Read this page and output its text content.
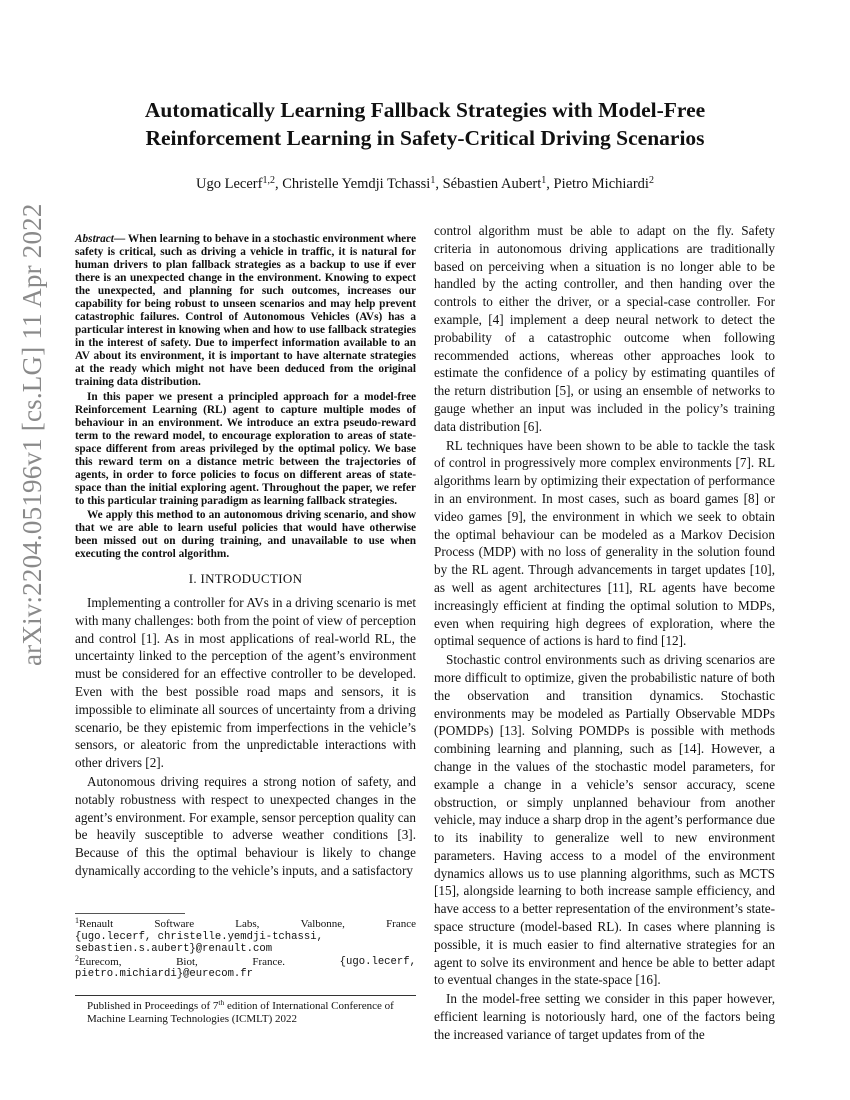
arXiv:2204.05196v1 [cs.LG] 11 Apr 2022
Automatically Learning Fallback Strategies with Model-Free
Reinforcement Learning in Safety-Critical Driving Scenarios
Ugo Lecerf$^{1,2}$, Christelle Yemdji Tchassi$^1$, Sébastien Aubert$^1$, Pietro Michiardi$^2$

Abstract— When learning to behave in a stochastic environment where safety is critical, such as driving a vehicle in traffic, it is natural for human drivers to plan fallback strategies as a backup to use if ever there is an unexpected change in the environment. Knowing to expect the unexpected, and planning for such outcomes, increases our capability for being robust to unseen scenarios and may help prevent catastrophic failures. Control of Autonomous Vehicles (AVs) has a particular interest in knowing when and how to use fallback strategies in the interest of safety. Due to imperfect information available to an AV about its environment, it is important to have alternate strategies at the ready which might not have been deduced from the original training data distribution.

In this paper we present a principled approach for a model-free Reinforcement Learning (RL) agent to capture multiple modes of behaviour in an environment. We introduce an extra pseudo-reward term to the reward model, to encourage exploration to areas of state-space different from areas privileged by the optimal policy. We base this reward term on a distance metric between the trajectories of agents, in order to force policies to focus on different areas of state-space than the initial exploring agent. Throughout the paper, we refer to this particular training paradigm as learning fallback strategies.

We apply this method to an autonomous driving scenario, and show that we are able to learn useful policies that would have otherwise been missed out on during training, and unavailable to use when executing the control algorithm.

I. INTRODUCTION

Implementing a controller for AVs in a driving scenario is met with many challenges: both from the point of view of perception and control [1]. As in most applications of real-world RL, the uncertainty linked to the perception of the agent’s environment must be considered for an effective controller to be developed. Even with the best possible road maps and sensors, it is impossible to eliminate all sources of uncertainty from a driving scenario, be they epistemic from imperfections in the vehicle’s sensors, or aleatoric from the unpredictable interactions with other drivers [2].

Autonomous driving requires a strong notion of safety, and notably robustness with respect to unexpected changes in the agent’s environment. For example, sensor perception quality can be heavily susceptible to adverse weather conditions [3]. Because of this the optimal behaviour is likely to change dynamically according to the vehicle’s inputs, and a satisfactory

$^1$Renault	Software	Labs,	Valbonne,	France
{ugo.lecerf, christelle.yemdji-tchassi,
sebastien.s.aubert}@renault.com
$^2$Eurecom,	Biot,	France.	{ugo.lecerf,
pietro.michiardi}@eurecom.fr
Published in Proceedings of 7th edition of International Conference of
Machine Learning Technologies (ICMLT) 2022

control algorithm must be able to adapt on the fly. Safety criteria in autonomous driving applications are traditionally based on perceiving when a situation is no longer able to be handled by the acting controller, and then handing over the controls to either the driver, or a special-case controller. For example, [4] implement a deep neural network to detect the probability of a catastrophic outcome when following recommended actions, whereas other approaches look to estimate the confidence of a policy by estimating quantiles of the return distribution [5], or using an ensemble of networks to gauge whether an input was included in the policy’s training data distribution [6].

RL techniques have been shown to be able to tackle the task of control in progressively more complex environments [7]. RL algorithms learn by optimizing their expectation of performance in an environment. In most cases, such as board games [8] or video games [9], the environment in which we seek to obtain the optimal behaviour can be modeled as a Markov Decision Process (MDP) with no loss of generality in the solution found by the RL agent. Through advancements in target updates [10], as well as agent architectures [11], RL agents have become increasingly efficient at finding the optimal solution to MDPs, even when requiring high degrees of exploration, where the optimal sequence of actions is hard to find [12].

Stochastic control environments such as driving scenarios are more difficult to optimize, given the probabilistic nature of both the observation and transition dynamics. Stochastic environments may be modeled as Partially Observable MDPs (POMDPs) [13]. Solving POMDPs is possible with methods combining learning and planning, such as [14]. However, a change in the values of the stochastic model parameters, for example a change in a vehicle’s sensor accuracy, scene obstruction, or simply unplanned behaviour from another vehicle, may induce a sharp drop in the agent’s performance due to its inability to generalize well to new environment parameters. Having access to a model of the environment dynamics allows us to use planning algorithms, such as MCTS [15], alongside learning to both increase sample efficiency, and have access to a better representation of the environment’s state-space structure (model-based RL). In cases where planning is possible, it is much easier to find alternative strategies for an agent to solve its environment and hence be able to better adapt to eventual changes in the state-space [16].

In the model-free setting we consider in this paper however, efficient learning is notoriously hard, one of the factors being the increased variance of target updates from of the
